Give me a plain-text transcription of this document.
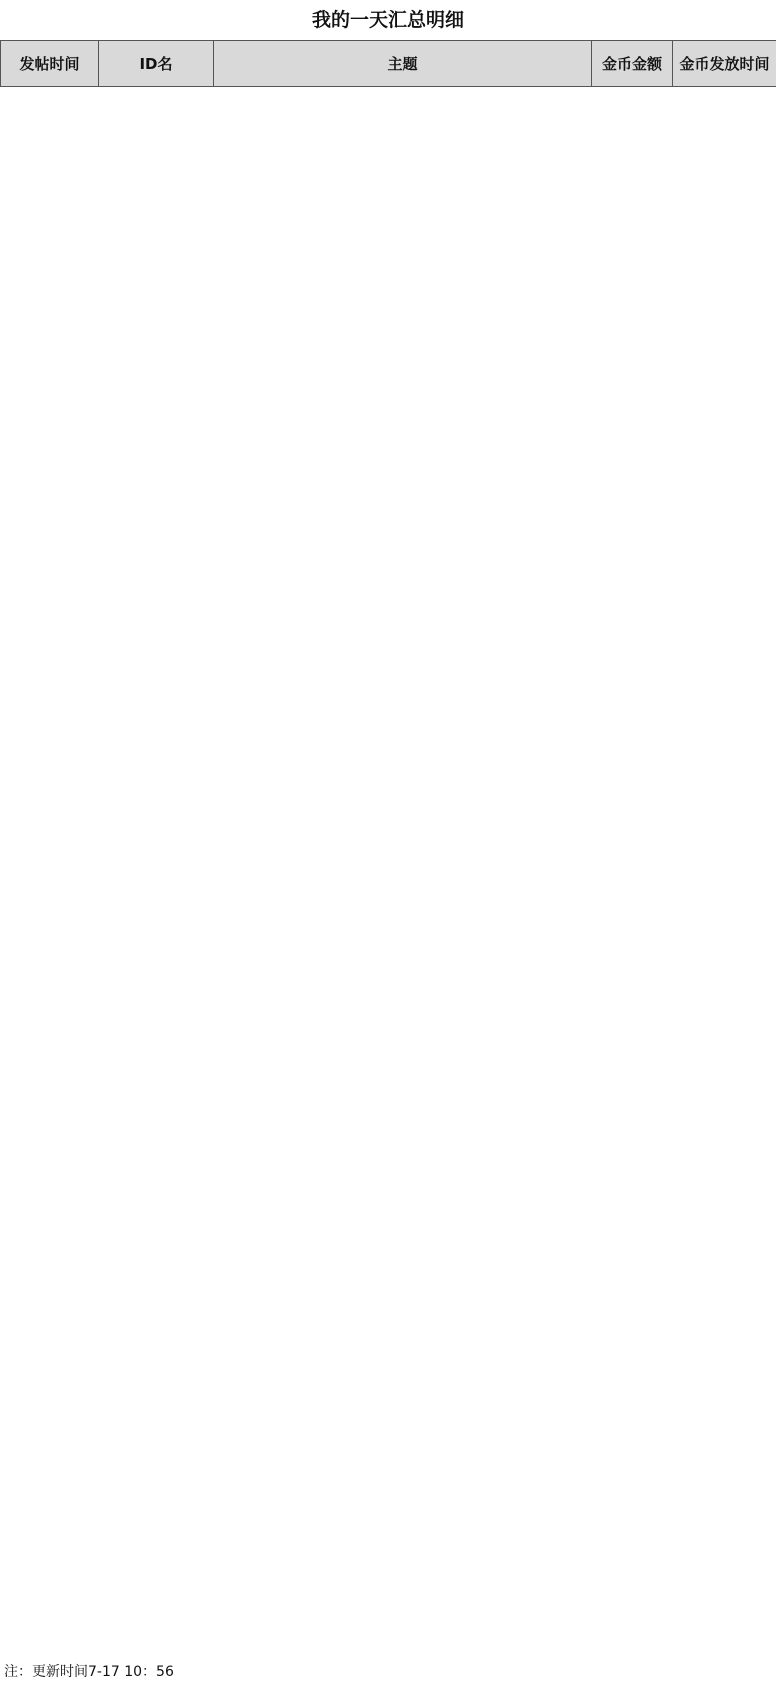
我的一天汇总明细
发帖时间	ID名	主题	金币金额	金币发放时间
注：更新时间7-17 10：56
